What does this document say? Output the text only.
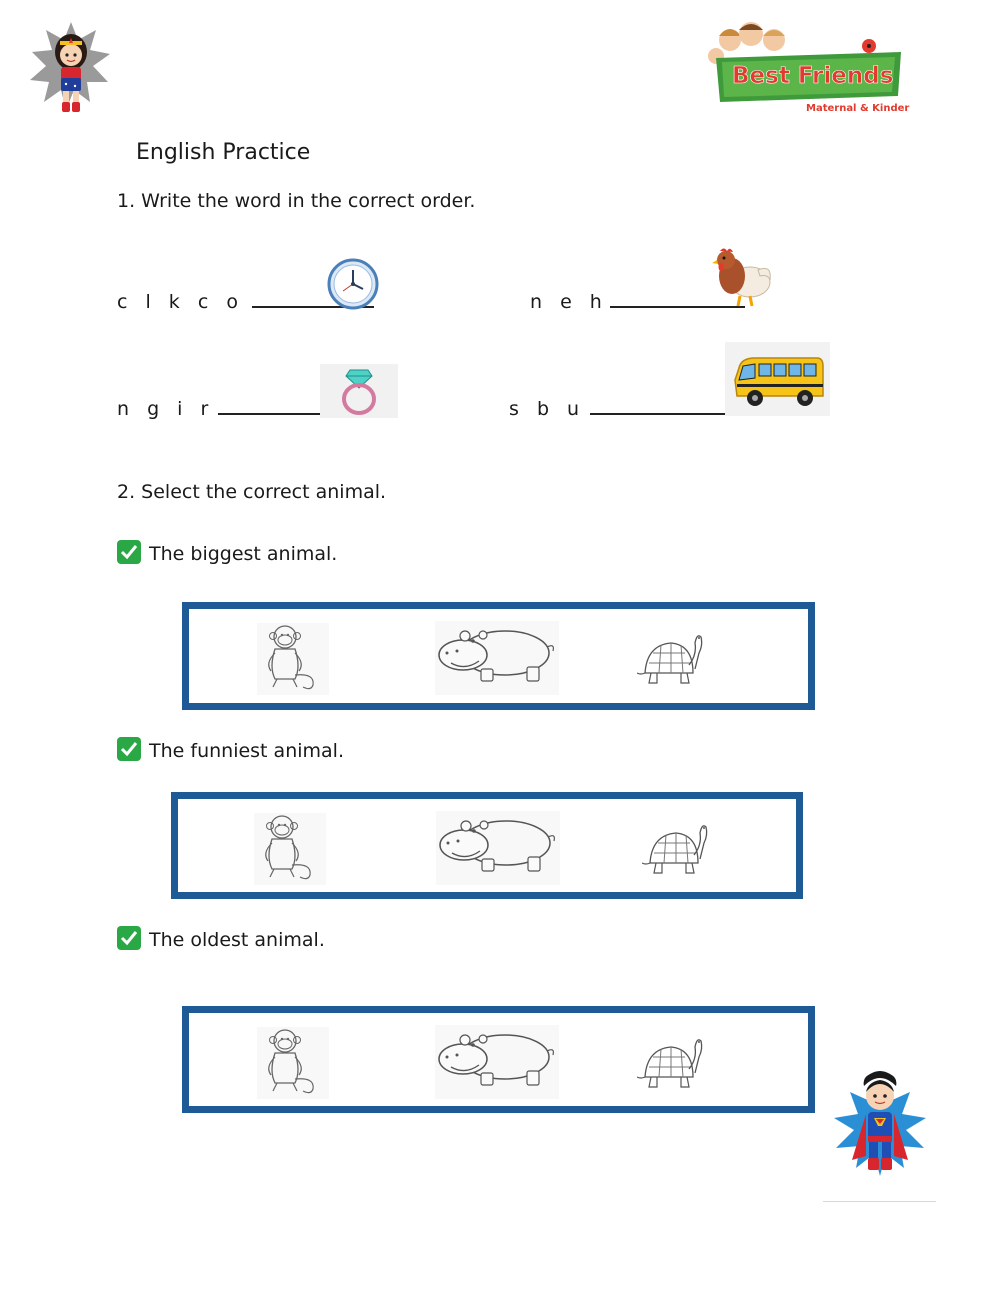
Best Friends
Maternal & Kinder
English Practice
1. Write the word in the correct order.
c l k c o	n e h
n g i r	s b u
2. Select the correct animal.
The biggest animal.
The funniest animal.
The oldest animal.
